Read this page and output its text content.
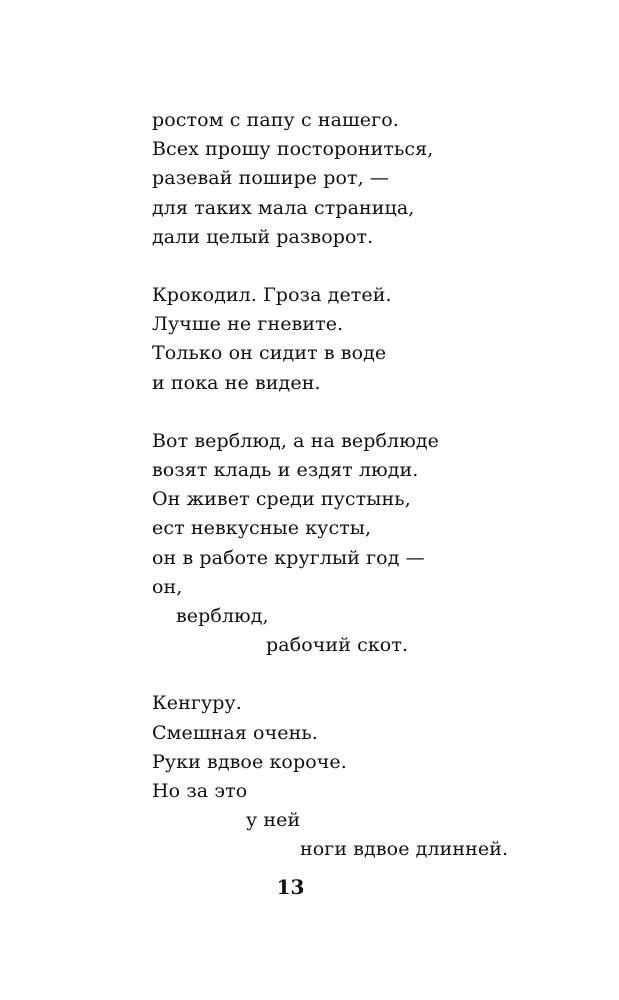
ростом с папу с нашего.
Всех прошу посторониться,
разевай пошире рот, —
для таких мала страница,
дали целый разворот.
Крокодил. Гроза детей.
Лучше не гневите.
Только он сидит в воде
и пока не виден.
Вот верблюд, а на верблюде
возят кладь и ездят люди.
Он живет среди пустынь,
ест невкусные кусты,
он в работе круглый год —
он,
верблюд,
рабочий скот.
Кенгуру.
Смешная очень.
Руки вдвое короче.
Но за это
у ней
ноги вдвое длинней.
13
